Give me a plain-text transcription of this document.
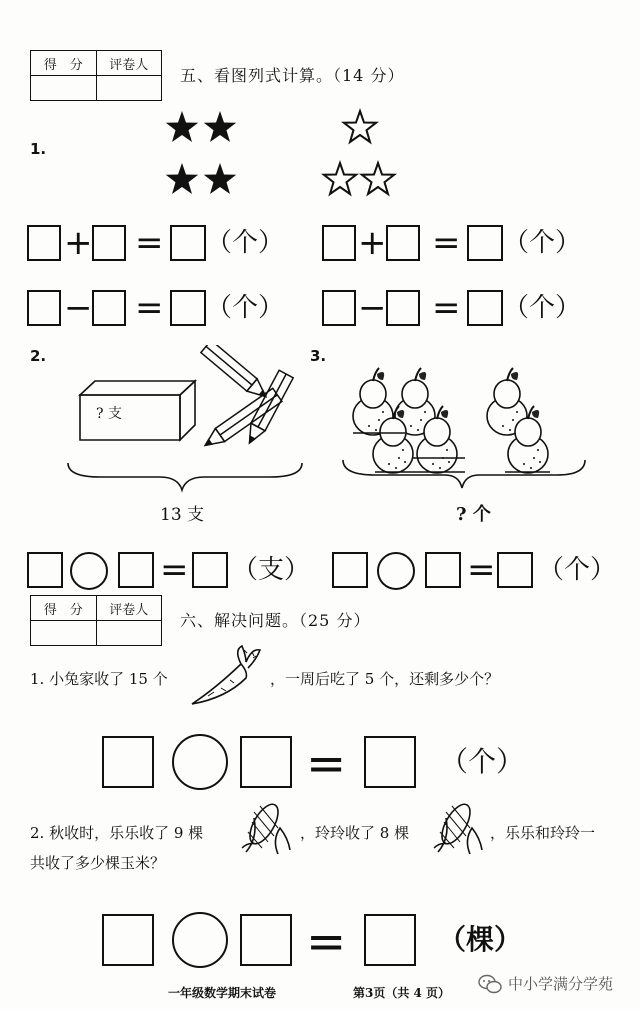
得　分	评卷人

五、看图列式计算。（14 分）
1.
+ = （个） + = （个）
− = （个） − = （个）
2.
? 支
13 支
3.
? 个
= （支）	= （个）
得　分	评卷人

六、解决问题。（25 分）
1. 小兔家收了 15 个	，一周后吃了 5 个，还剩多少个？
=	（个）
2. 秋收时，乐乐收了 9 棵	，玲玲收了 8 棵	，乐乐和玲玲一
共收了多少棵玉米？
=	（棵）
一年级数学期末试卷	第3页（共 4 页）	中小学满分学苑
